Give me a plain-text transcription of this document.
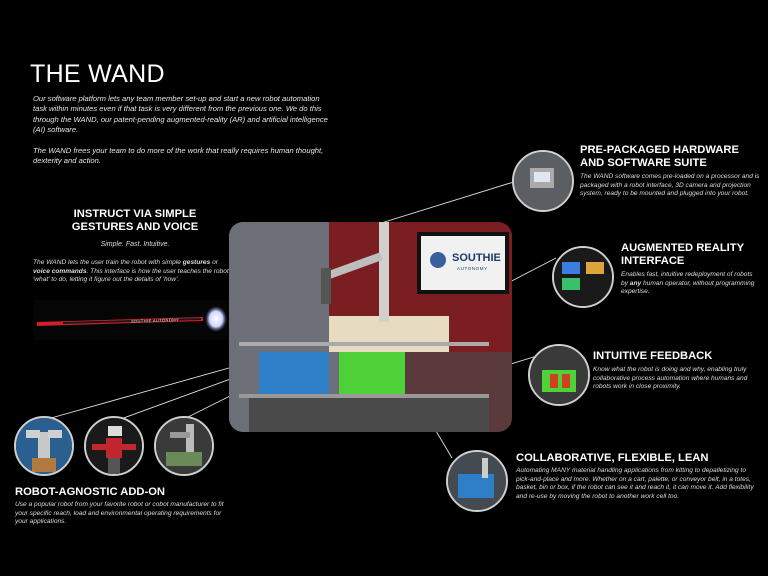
THE WAND

Our software platform lets any team member set-up and start a new robot automation task within minutes even if that task is very different from the previous one. We do this through the WAND, our patent-pending augmented-reality (AR) and artificial intelligence (AI) software.

The WAND frees your team to do more of the work that really requires human thought, dexterity and action.

INSTRUCT VIA SIMPLE
GESTURES AND VOICE
Simple. Fast. Intuitive.

The WAND lets the user train the robot with simple gestures or voice commands. This interface is how the user teaches the robot 'what' to do, letting it figure out the details of 'how'.

SOUTHIE AUTONOMY
ROBOT-AGNOSTIC ADD-ON

Use a popular robot from your favorite robot or cobot manufacturer to fit your specific reach, load and environmental operating requirements for your applications.

SOUTHIE
AUTONOMY
PRE-PACKAGED HARDWARE
AND SOFTWARE SUITE

The WAND software comes pre-loaded on a processor and is packaged with a robot interface, 3D camera and projection system, ready to be mounted and plugged into your robot.

AUGMENTED REALITY
INTERFACE

Enables fast, intuitive redeployment of robots by any human operator, without programming expertise.

INTUITIVE FEEDBACK

Know what the robot is doing and why, enabling truly collaborative process automation where humans and robots work in close proximity.

COLLABORATIVE, FLEXIBLE, LEAN

Automating MANY material handling applications from kitting to depalletizing to pick-and-place and more. Whether on a cart, palette, or conveyor belt, in a totes, basket, bin or box, if the robot can see it and reach it, it can move it. Add flexibility and re-use by moving the robot to another work cell too.
